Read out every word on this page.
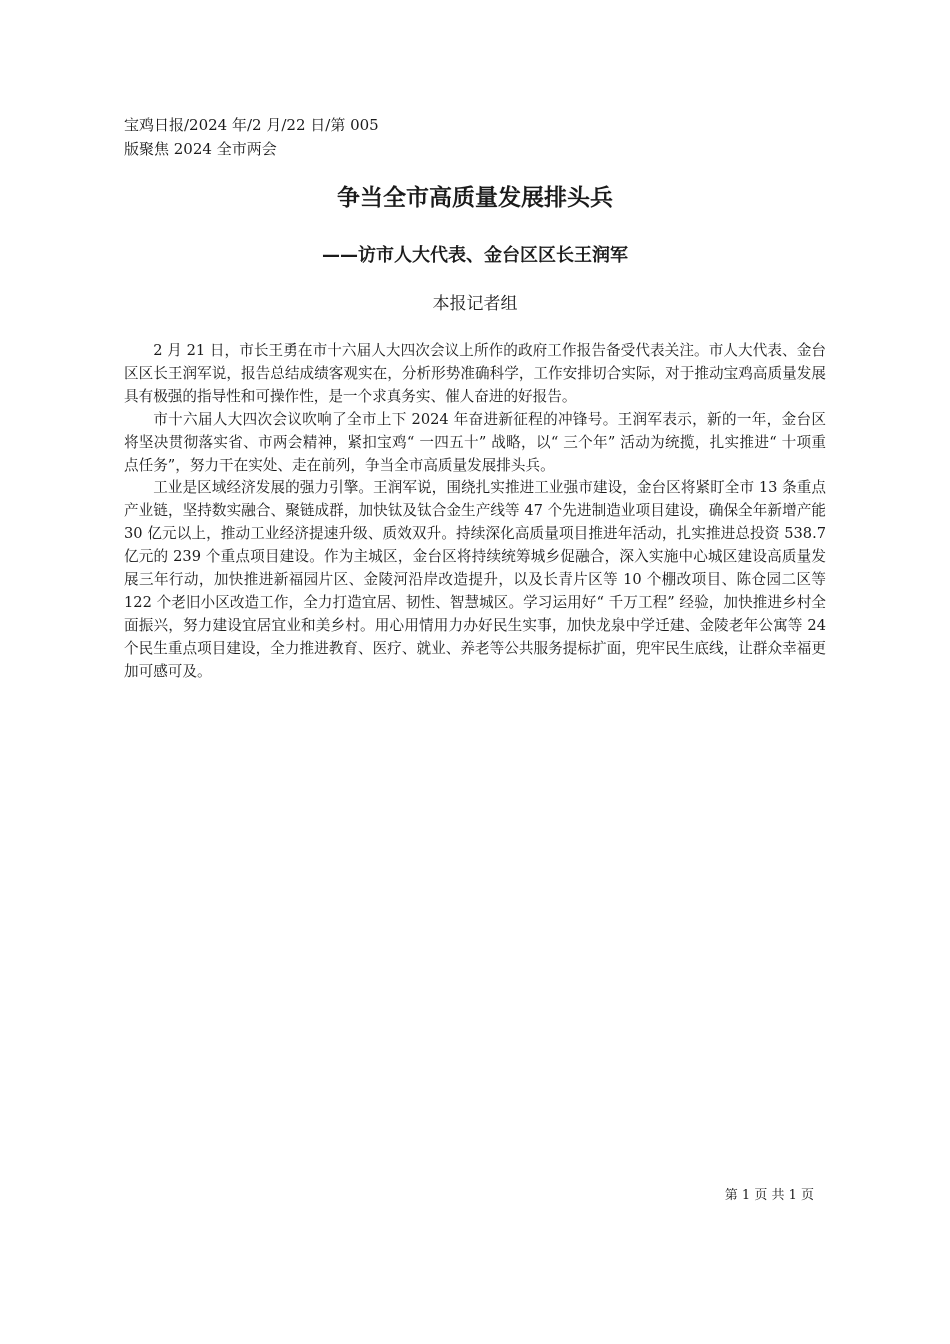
宝鸡日报/2024 年/2 月/22 日/第 005
版聚焦 2024 全市两会
争当全市高质量发展排头兵
——访市人大代表、金台区区长王润军
本报记者组

2 月 21 日，市长王勇在市十六届人大四次会议上所作的政府工作报告备受代表关注。市人大代表、金台区区长王润军说，报告总结成绩客观实在，分析形势准确科学，工作安排切合实际，对于推动宝鸡高质量发展具有极强的指导性和可操作性，是一个求真务实、催人奋进的好报告。

市十六届人大四次会议吹响了全市上下 2024 年奋进新征程的冲锋号。王润军表示，新的一年，金台区将坚决贯彻落实省、市两会精神，紧扣宝鸡“ 一四五十” 战略，以“ 三个年” 活动为统揽，扎实推进“ 十项重点任务”，努力干在实处、走在前列，争当全市高质量发展排头兵。

工业是区域经济发展的强力引擎。王润军说，围绕扎实推进工业强市建设，金台区将紧盯全市 13 条重点产业链，坚持数实融合、聚链成群，加快钛及钛合金生产线等 47 个先进制造业项目建设，确保全年新增产能 30 亿元以上，推动工业经济提速升级、质效双升。持续深化高质量项目推进年活动，扎实推进总投资 538.7 亿元的 239 个重点项目建设。作为主城区，金台区将持续统筹城乡促融合，深入实施中心城区建设高质量发展三年行动，加快推进新福园片区、金陵河沿岸改造提升，以及长青片区等 10 个棚改项目、陈仓园二区等 122 个老旧小区改造工作，全力打造宜居、韧性、智慧城区。学习运用好“ 千万工程” 经验，加快推进乡村全面振兴，努力建设宜居宜业和美乡村。用心用情用力办好民生实事，加快龙泉中学迁建、金陵老年公寓等 24 个民生重点项目建设，全力推进教育、医疗、就业、养老等公共服务提标扩面，兜牢民生底线，让群众幸福更加可感可及。

第 1 页 共 1 页
